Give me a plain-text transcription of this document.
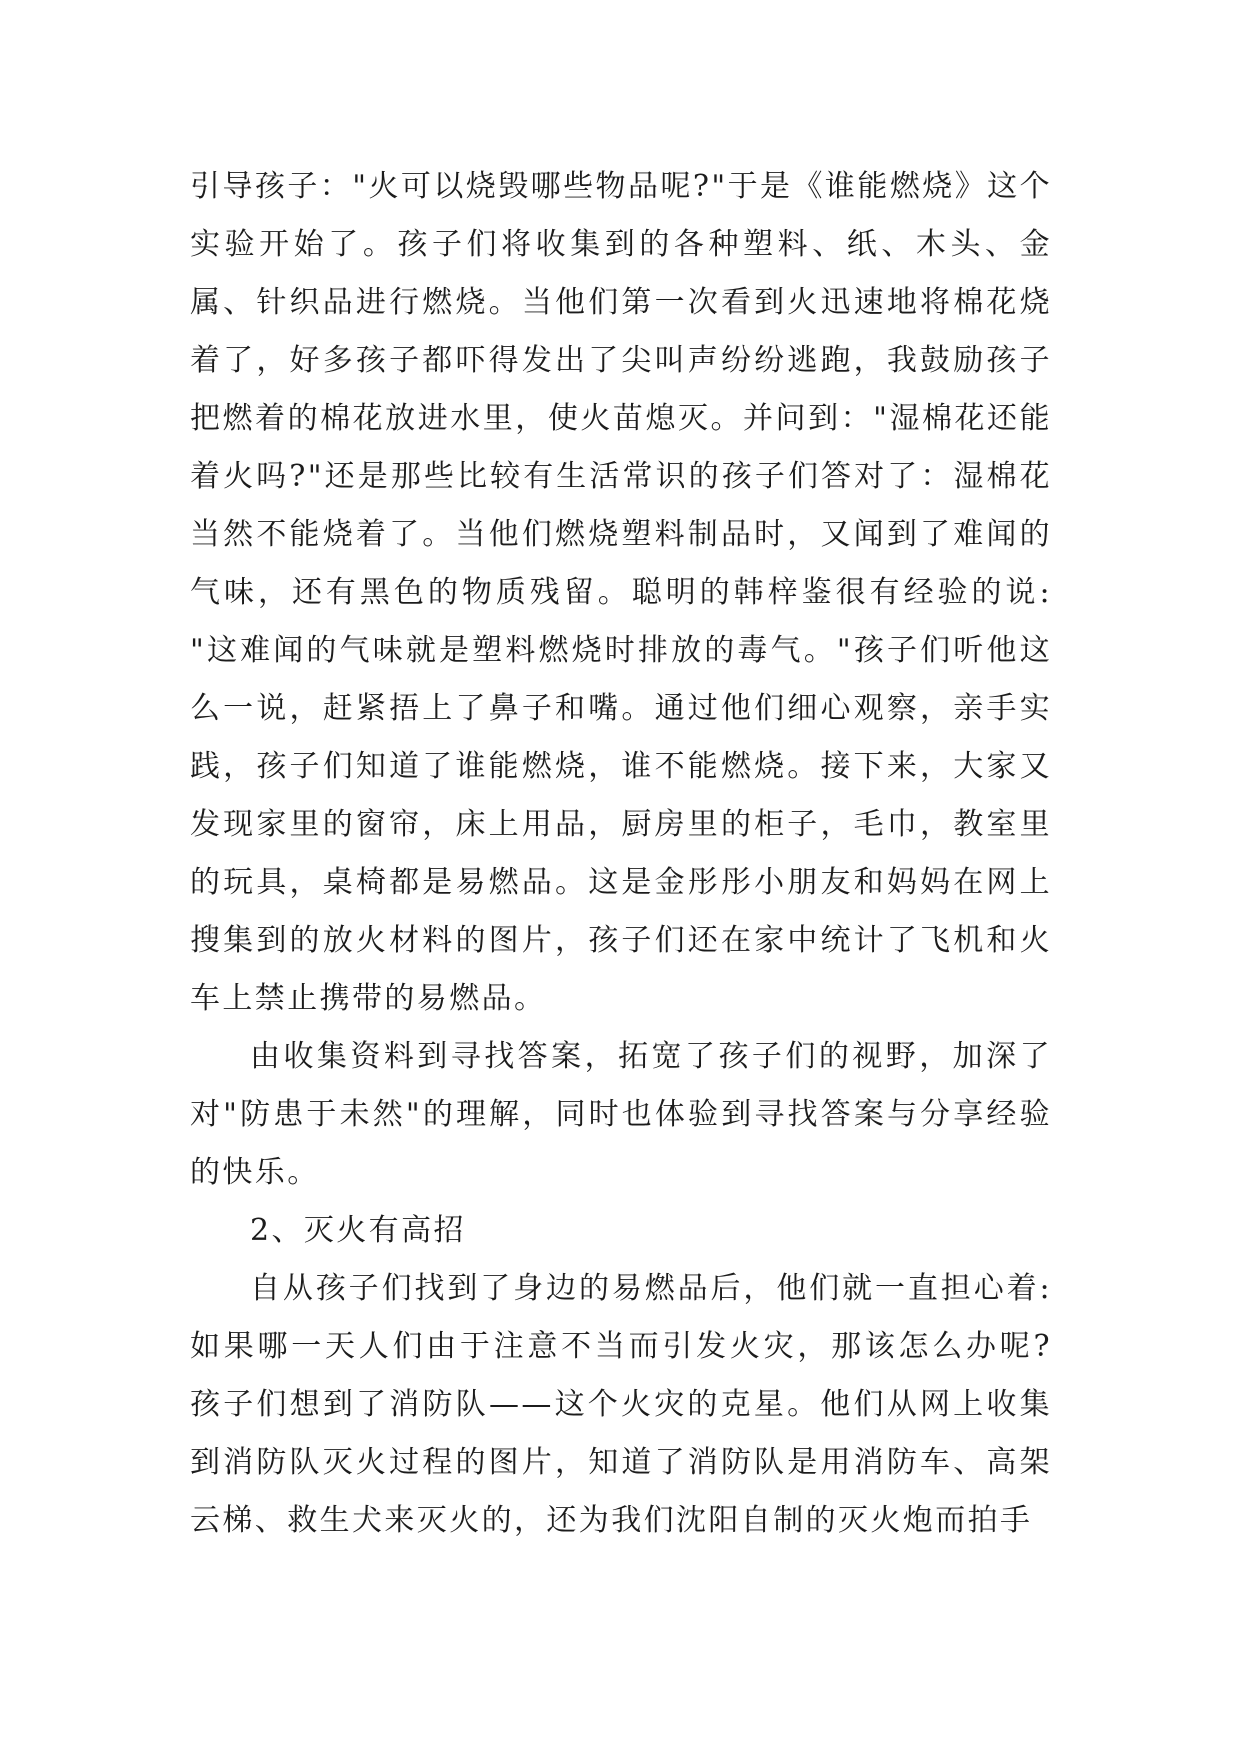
引导孩子："火可以烧毁哪些物品呢?"于是《谁能燃烧》这个实验开始了。孩子们将收集到的各种塑料、纸、木头、金属、针织品进行燃烧。当他们第一次看到火迅速地将棉花烧着了，好多孩子都吓得发出了尖叫声纷纷逃跑，我鼓励孩子把燃着的棉花放进水里，使火苗熄灭。并问到："湿棉花还能着火吗?"还是那些比较有生活常识的孩子们答对了：湿棉花当然不能烧着了。当他们燃烧塑料制品时，又闻到了难闻的气味，还有黑色的物质残留。聪明的韩梓鉴很有经验的说: "这难闻的气味就是塑料燃烧时排放的毒气。"孩子们听他这么一说，赶紧捂上了鼻子和嘴。通过他们细心观察，亲手实践，孩子们知道了谁能燃烧，谁不能燃烧。接下来，大家又发现家里的窗帘，床上用品，厨房里的柜子，毛巾，教室里的玩具，桌椅都是易燃品。这是金彤彤小朋友和妈妈在网上搜集到的放火材料的图片，孩子们还在家中统计了飞机和火车上禁止携带的易燃品。

由收集资料到寻找答案，拓宽了孩子们的视野，加深了对"防患于未然"的理解，同时也体验到寻找答案与分享经验的快乐。

2、灭火有高招

自从孩子们找到了身边的易燃品后，他们就一直担心着: 如果哪一天人们由于注意不当而引发火灾，那该怎么办呢? 孩子们想到了消防队——这个火灾的克星。他们从网上收集到消防队灭火过程的图片，知道了消防队是用消防车、高架云梯、救生犬来灭火的，还为我们沈阳自制的灭火炮而拍手
